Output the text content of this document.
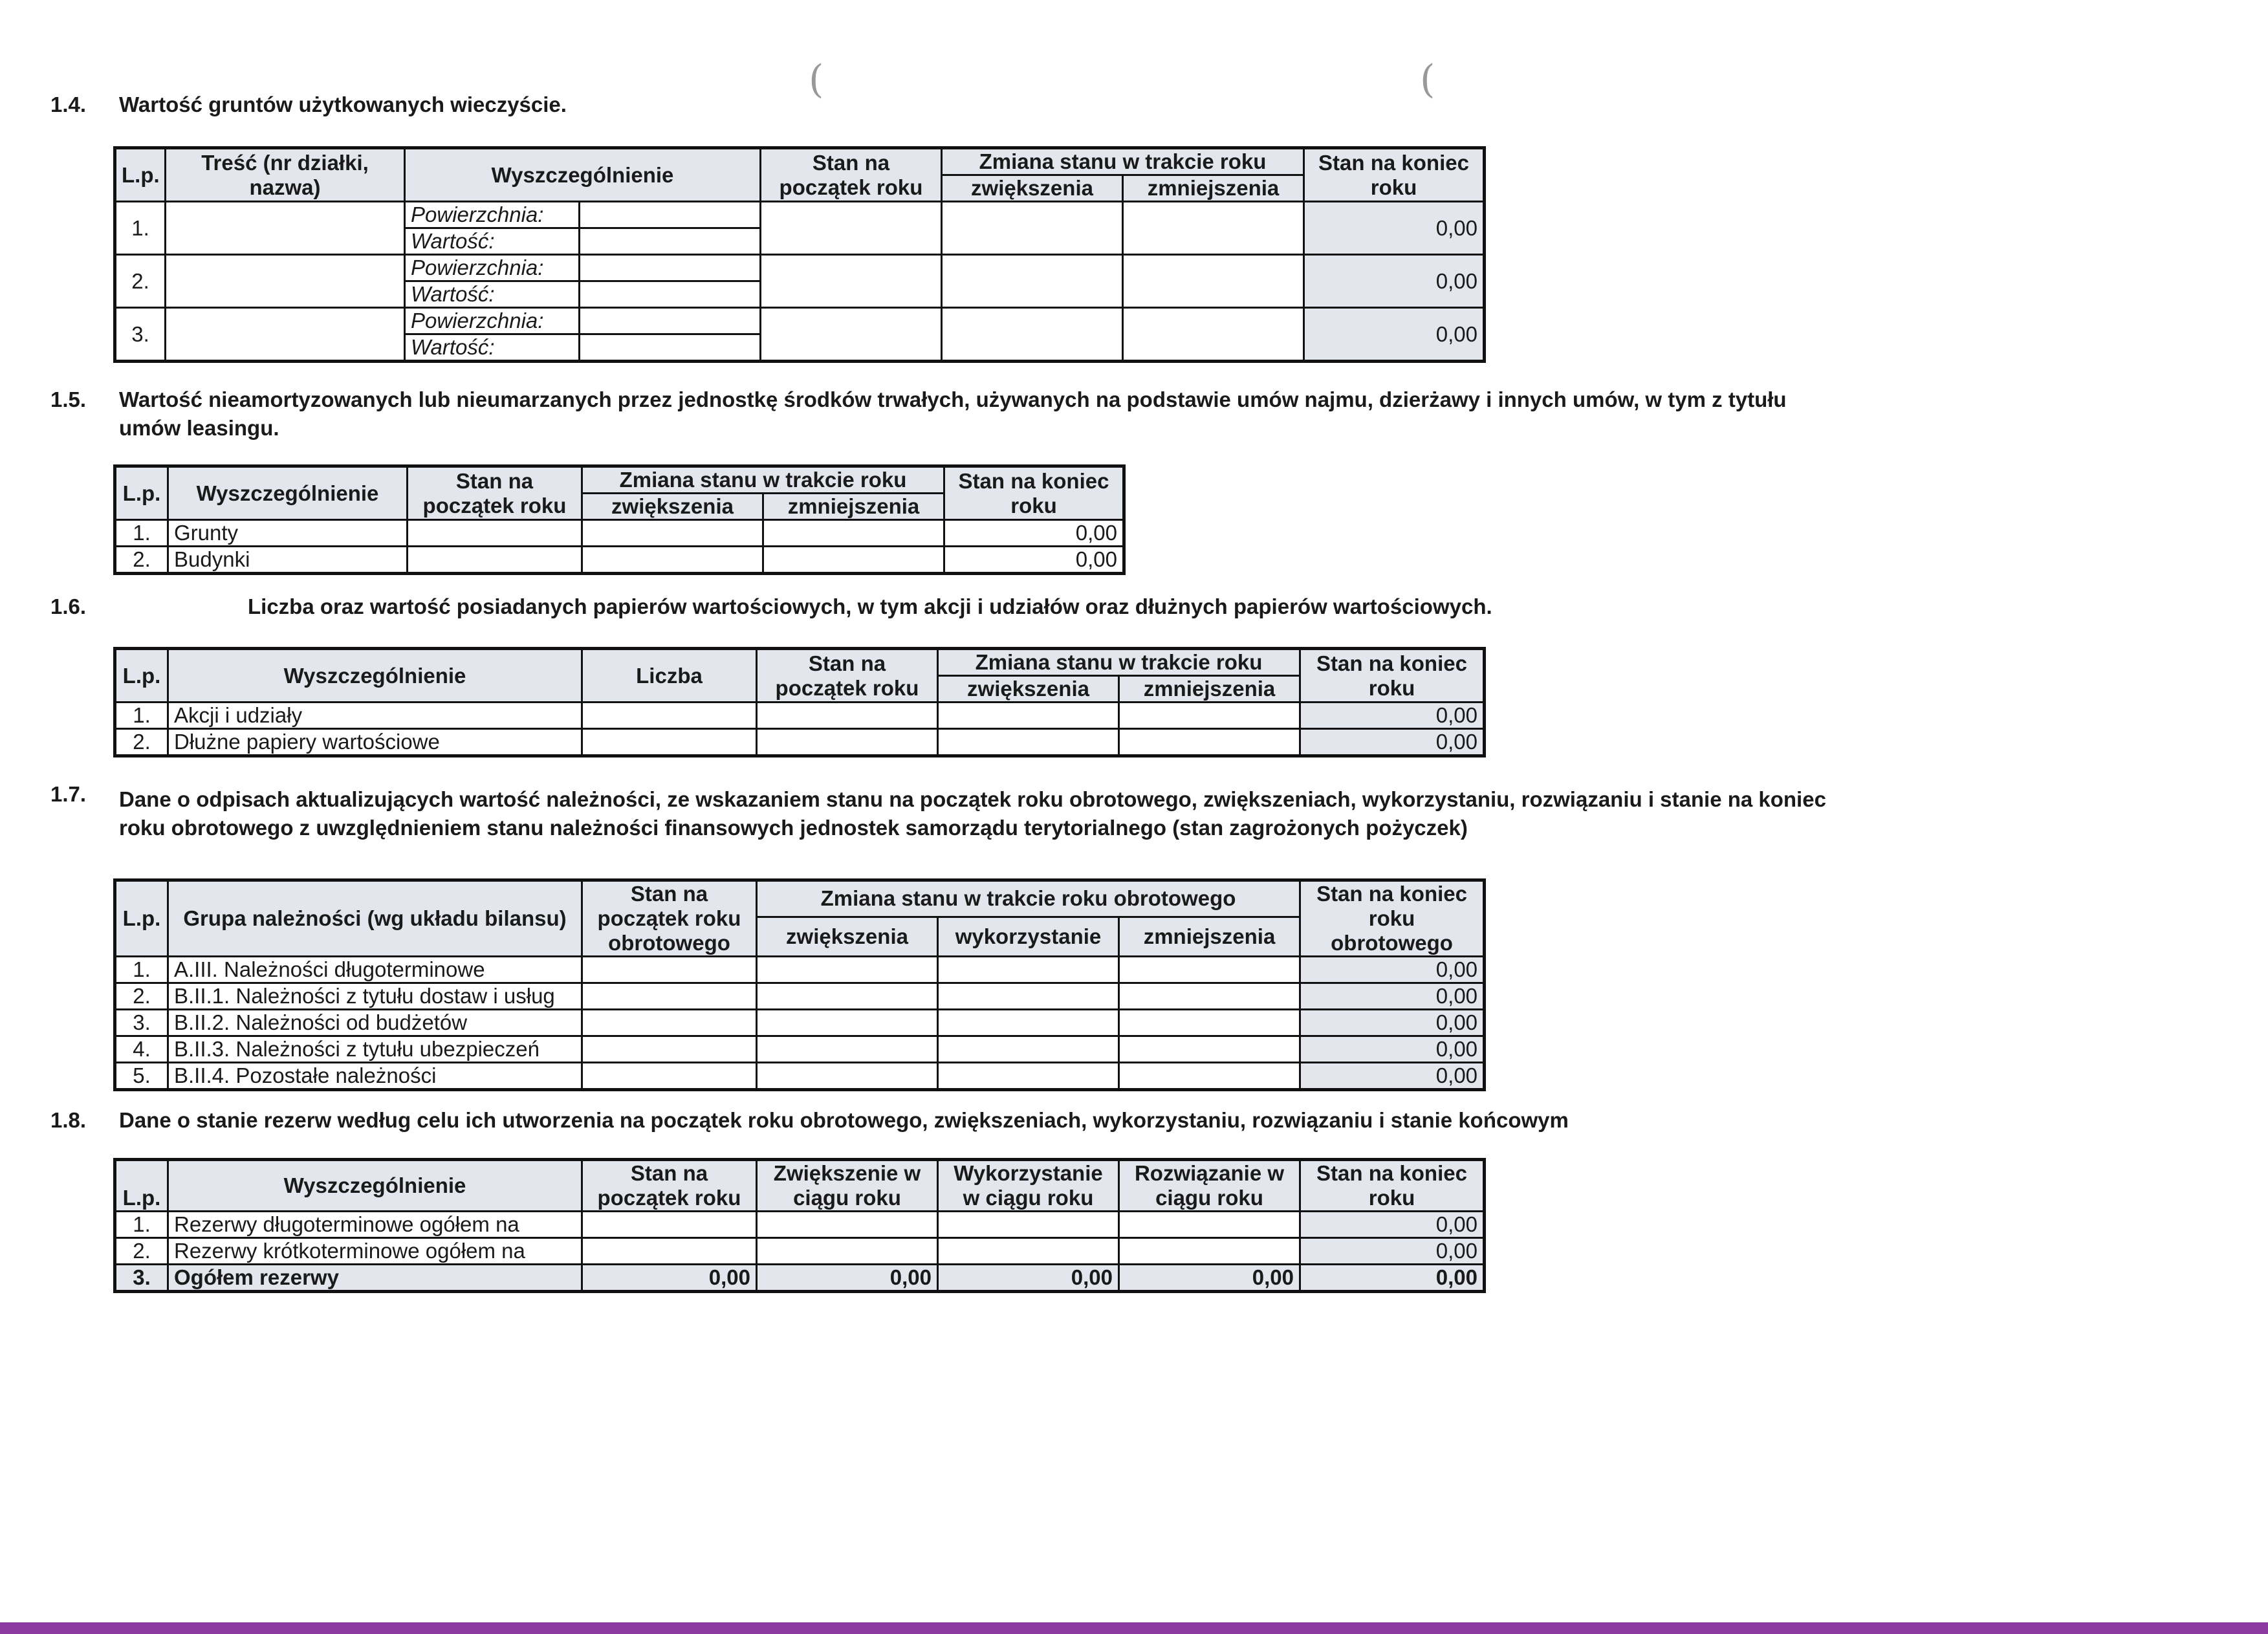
(	(
1.4. Wartość gruntów użytkowanych wieczyście.
L.p.	Treść (nr działki, nazwa)	Wyszczególnienie		Stan na początek roku	Zmiana stanu w trakcie roku		Stan na koniec roku
					zwiększenia	zmniejszenia	
1.		Powierzchnia:					0,00
		Wartość:					
2.		Powierzchnia:					0,00
		Wartość:					
3.		Powierzchnia:					0,00
		Wartość:					
1.5. Wartość nieamortyzowanych lub nieumarzanych przez jednostkę środków trwałych, używanych na podstawie umów najmu, dzierżawy i innych umów, w tym z tytułu umów leasingu.
L.p.	Wyszczególnienie	Stan na początek roku	Zmiana stanu w trakcie roku		Stan na koniec roku
			zwiększenia	zmniejszenia	
1.	Grunty				0,00
2.	Budynki				0,00
1.6.	Liczba oraz wartość posiadanych papierów wartościowych, w tym akcji i udziałów oraz dłużnych papierów wartościowych.
L.p.	Wyszczególnienie	Liczba	Stan na początek roku	Zmiana stanu w trakcie roku		Stan na koniec roku
				zwiększenia	zmniejszenia	
1.	Akcji i udziały					0,00
2.	Dłużne papiery wartościowe					0,00
1.7. Dane o odpisach aktualizujących wartość należności, ze wskazaniem stanu na początek roku obrotowego, zwiększeniach, wykorzystaniu, rozwiązaniu i stanie na koniec roku obrotowego z uwzględnieniem stanu należności finansowych jednostek samorządu terytorialnego (stan zagrożonych pożyczek)
L.p.	Grupa należności (wg układu bilansu)	Stan na początek roku obrotowego	Zmiana stanu w trakcie roku obrotowego			Stan na koniec roku obrotowego
			zwiększenia	wykorzystanie	zmniejszenia	
1.	A.III. Należności długoterminowe					0,00
2.	B.II.1. Należności z tytułu dostaw i usług					0,00
3.	B.II.2. Należności od budżetów					0,00
4.	B.II.3. Należności z tytułu ubezpieczeń					0,00
5.	B.II.4. Pozostałe należności					0,00
1.8. Dane o stanie rezerw według celu ich utworzenia na początek roku obrotowego, zwiększeniach, wykorzystaniu, rozwiązaniu i stanie końcowym
L.p.	Wyszczególnienie	Stan na początek roku	Zwiększenie w ciągu roku	Wykorzystanie w ciągu roku	Rozwiązanie w ciągu roku	Stan na koniec roku
1.	Rezerwy długoterminowe ogółem na					0,00
2.	Rezerwy krótkoterminowe ogółem na					0,00
3.	Ogółem rezerwy	0,00	0,00	0,00	0,00	0,00
